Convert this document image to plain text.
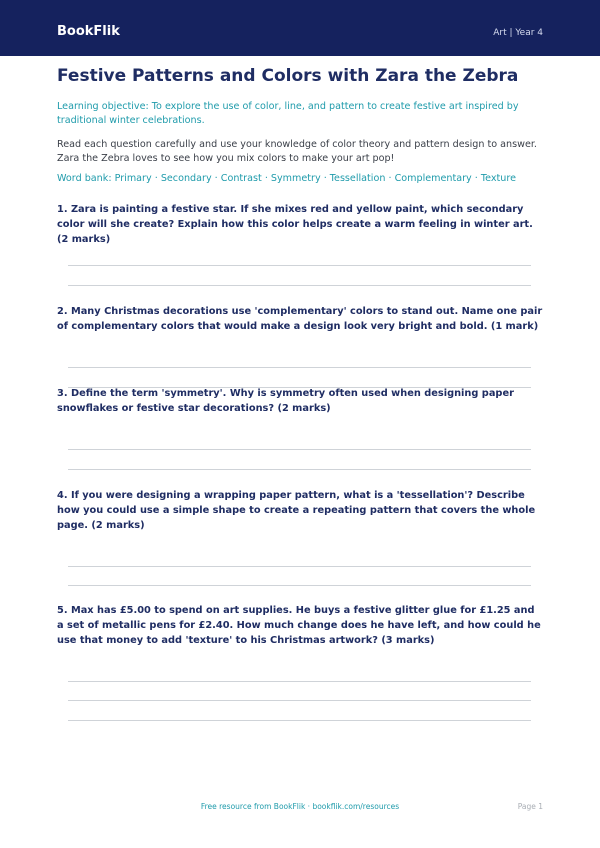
BookFlik	Art | Year 4
Festive Patterns and Colors with Zara the Zebra
Learning objective: To explore the use of color, line, and pattern to create festive art inspired by traditional winter celebrations.
Read each question carefully and use your knowledge of color theory and pattern design to answer. Zara the Zebra loves to see how you mix colors to make your art pop!
Word bank: Primary · Secondary · Contrast · Symmetry · Tessellation · Complementary · Texture
1. Zara is painting a festive star. If she mixes red and yellow paint, which secondary color will she create? Explain how this color helps create a warm feeling in winter art. (2 marks)
2. Many Christmas decorations use 'complementary' colors to stand out. Name one pair of complementary colors that would make a design look very bright and bold. (1 mark)
3. Define the term 'symmetry'. Why is symmetry often used when designing paper snowflakes or festive star decorations? (2 marks)
4. If you were designing a wrapping paper pattern, what is a 'tessellation'? Describe how you could use a simple shape to create a repeating pattern that covers the whole page. (2 marks)
5. Max has £5.00 to spend on art supplies. He buys a festive glitter glue for £1.25 and a set of metallic pens for £2.40. How much change does he have left, and how could he use that money to add 'texture' to his Christmas artwork? (3 marks)
Free resource from BookFlik · bookflik.com/resources	Page 1
